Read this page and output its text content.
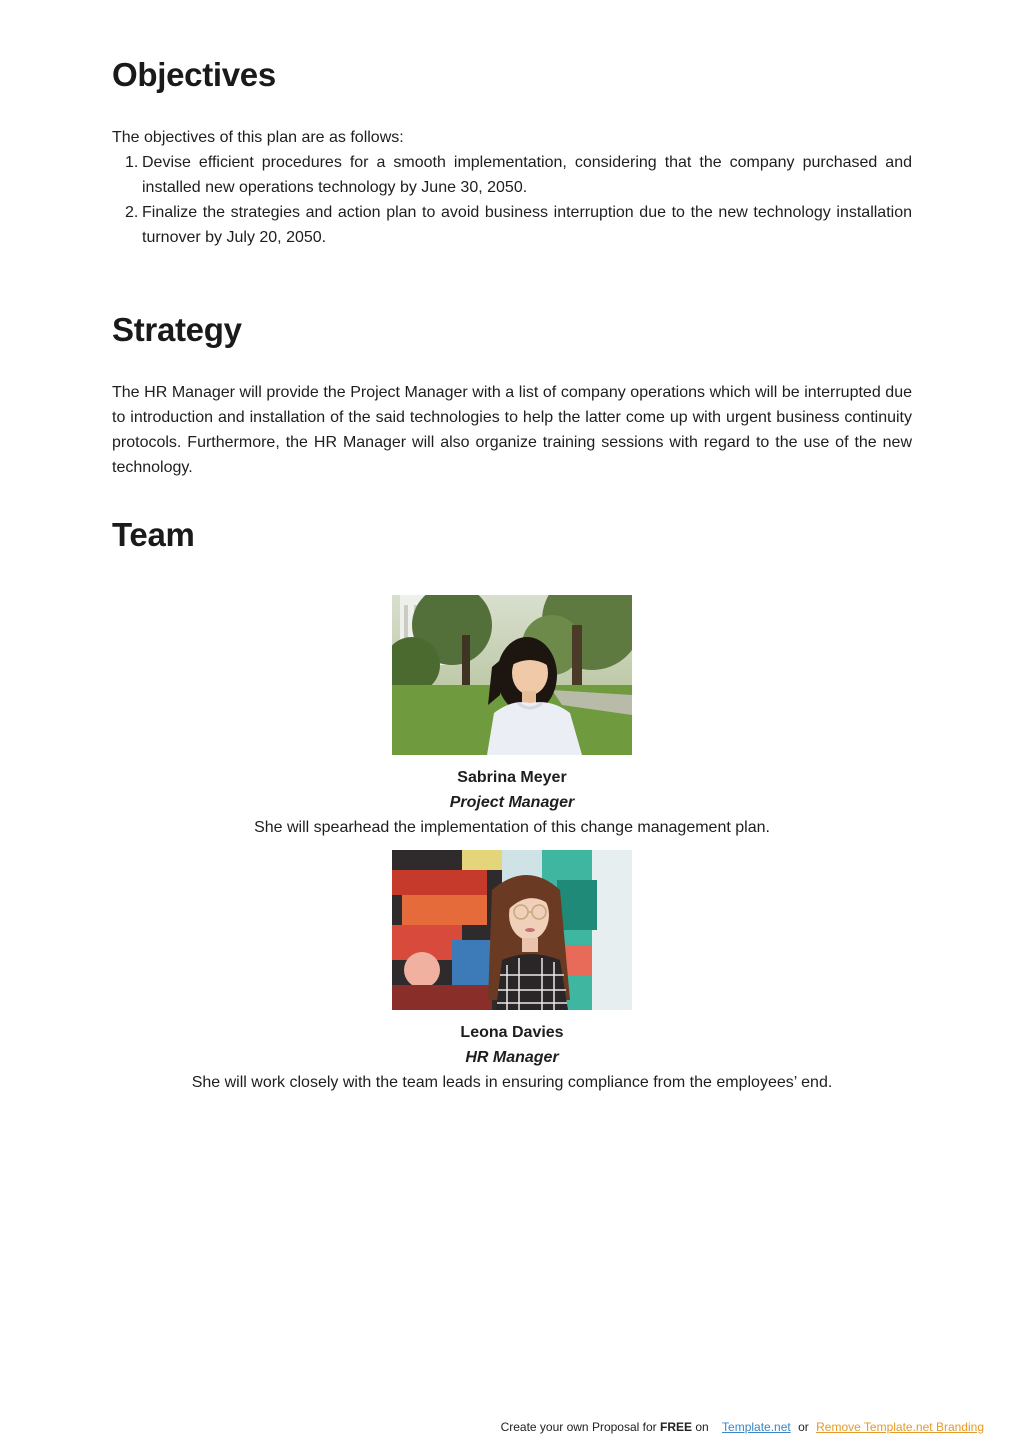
Objectives

The objectives of this plan are as follows:

1. Devise efficient procedures for a smooth implementation, considering that the company purchased and installed new operations technology by June 30, 2050.
2. Finalize the strategies and action plan to avoid business interruption due to the new technology installation turnover by July 20, 2050.
Strategy

The HR Manager will provide the Project Manager with a list of company operations which will be interrupted due to introduction and installation of the said technologies to help the latter come up with urgent business continuity protocols. Furthermore, the HR Manager will also organize training sessions with regard to the use of the new technology.

Team
Sabrina Meyer
Project Manager
She will spearhead the implementation of this change management plan.
Leona Davies
HR Manager
She will work closely with the team leads in ensuring compliance from the employees’ end.
Create your own Proposal for FREE on Template.net or Remove Template.net Branding
